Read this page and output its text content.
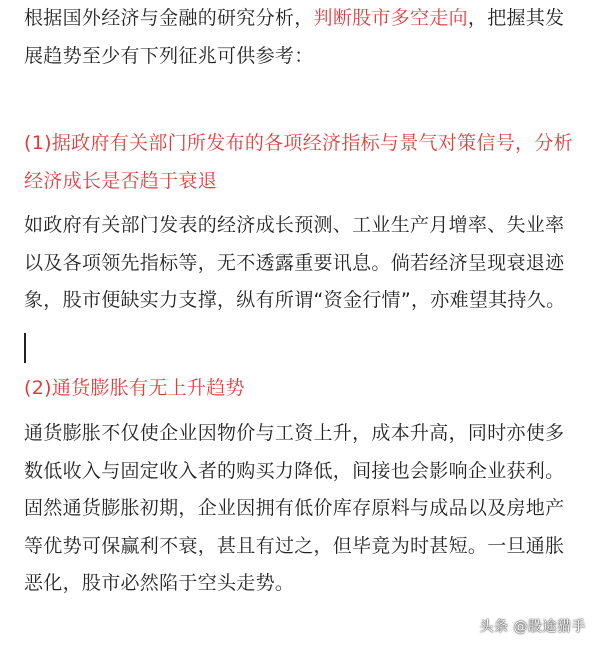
根据国外经济与金融的研究分析，判断股市多空走向，把握其发展趋势至少有下列征兆可供参考：

(1)据政府有关部门所发布的各项经济指标与景气对策信号，分析经济成长是否趋于衰退

如政府有关部门发表的经济成长预测、工业生产月增率、失业率以及各项领先指标等，无不透露重要讯息。倘若经济呈现衰退迹象，股市便缺实力支撑，纵有所谓“资金行情”，亦难望其持久。

(2)通货膨胀有无上升趋势

通货膨胀不仅使企业因物价与工资上升，成本升高，同时亦使多数低收入与固定收入者的购买力降低，间接也会影响企业获利。固然通货膨胀初期，企业因拥有低价库存原料与成品以及房地产等优势可保赢利不衰，甚且有过之，但毕竟为时甚短。一旦通胀恶化，股市必然陷于空头走势。

头条 @股途猎手
